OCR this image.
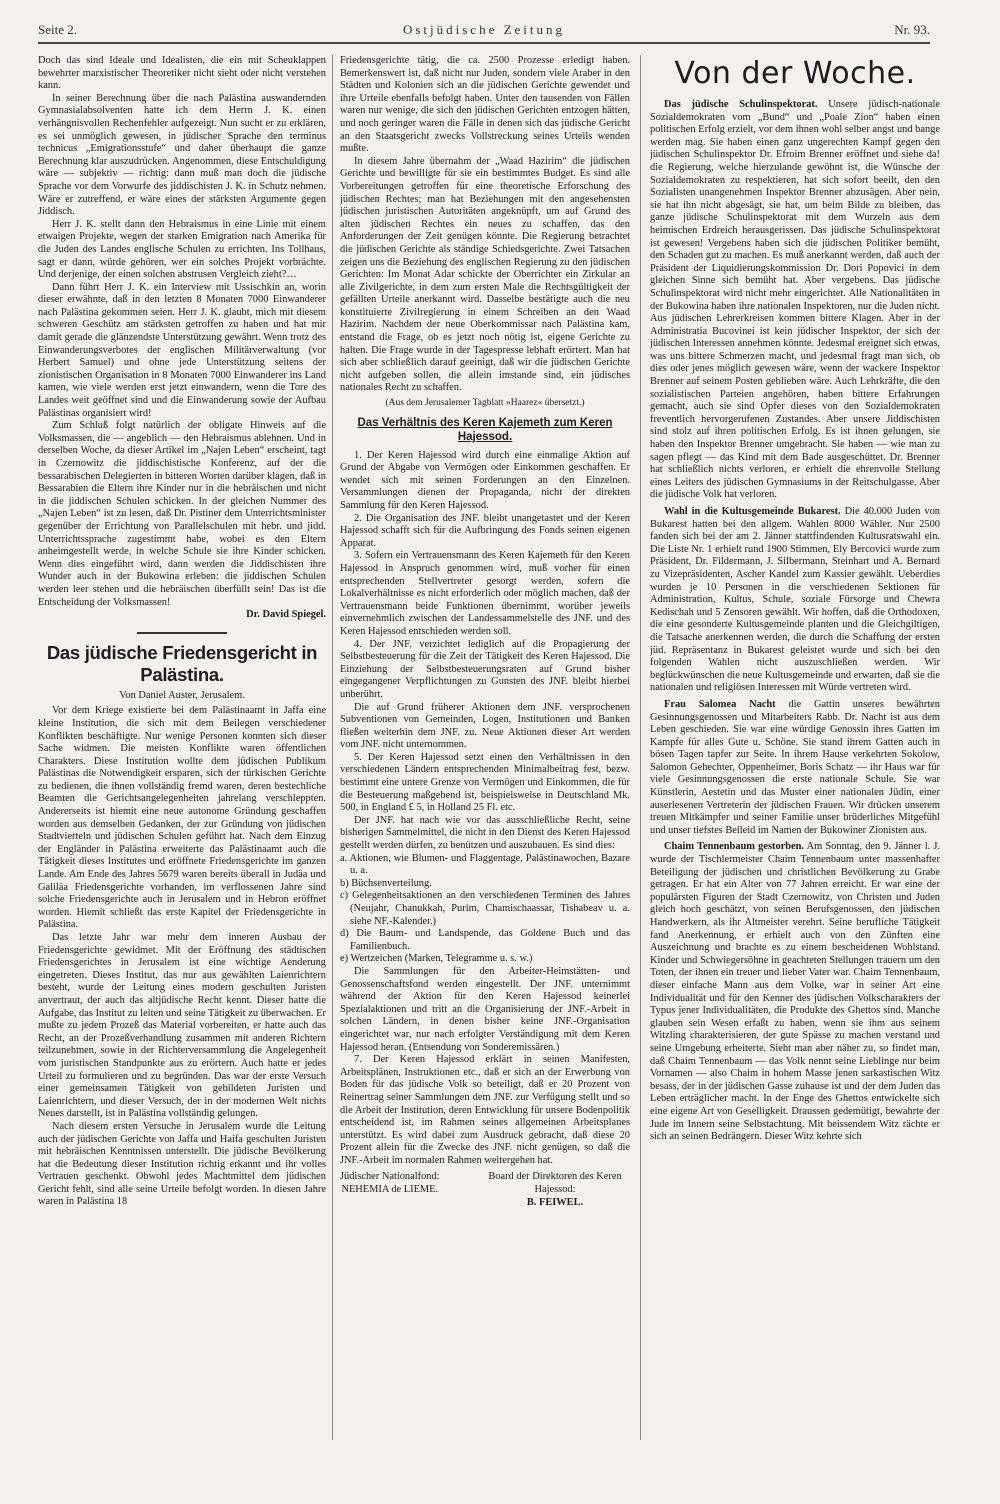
Seite 2.	Ostjüdische Zeitung	Nr. 93.

Doch das sind Ideale und Idealisten, die ein mit Scheuklappen bewehrter marxistischer Theoretiker nicht sieht oder nicht verstehen kann.

In seiner Berechnung über die nach Palästina auswandernden Gymnasialabsolventen hatte ich dem Herrn J. K. einen verhängnisvollen Rechenfehler aufgezeigt. Nun sucht er zu erklären, es sei unmöglich gewesen, in jüdischer Sprache den terminus technicus „Emigrationsstufe“ und daher überhaupt die ganze Berechnung klar auszudrücken. Angenommen, diese Entschuldigung wäre — subjektiv — richtig: dann muß man doch die jüdische Sprache vor dem Vorwurfe des jiddischisten J. K. in Schutz nehmen. Wäre er zutreffend, er wäre eines der stärksten Argumente gegen Jiddisch.

Herr J. K. stellt dann den Hebraismus in eine Linie mit einem etwaigen Projekte, wegen der starken Emigration nach Amerika für die Juden des Landes englische Schulen zu errichten. Ins Tollhaus, sagt er dann, würde gehören, wer ein solches Projekt vorbrächte. Und derjenige, der einen solchen abstrusen Vergleich zieht?…

Dann führt Herr J. K. ein Interview mit Ussischkin an, worin dieser erwähnte, daß in den letzten 8 Monaten 7000 Einwanderer nach Palästina gekommen seien. Herr J. K. glaubt, mich mit diesem schweren Geschütz am stärksten getroffen zu haben und hat mir damit gerade die glänzendste Unterstützung gewährt. Wenn trotz des Einwanderungsverbotes der englischen Militärverwaltung (vor Herbert Samuel) und ohne jede Unterstützung seitens der zionistischen Organisation in 8 Monaten 7000 Einwanderer ins Land kamen, wie viele werden erst jetzt einwandern, wenn die Tore des Landes weit geöffnet sind und die Einwanderung sowie der Aufbau Palästinas organisiert wird!

Zum Schluß folgt natürlich der obligate Hinweis auf die Volksmassen, die — angeblich — den Hebraismus ablehnen. Und in derselben Woche, da dieser Artikel im „Najen Leben“ erscheint, tagt in Czernowitz die jiddischistische Konferenz, auf der die bessarabischen Delegierten in bitteren Worten darüber klagen, daß in Bessarabien die Eltern ihre Kinder nur in die hebräischen und nicht in die jiddischen Schulen schicken. In der gleichen Nummer des „Najen Leben“ ist zu lesen, daß Dr. Pistiner dem Unterrichtsminister gegenüber der Errichtung von Parallelschulen mit hebr. und jidd. Unterrichtssprache zugestimmt habe, wobei es den Eltern anheimgestellt werde, in welche Schule sie ihre Kinder schicken. Wenn dies eingeführt wird, dann werden die Jiddischisten ihre Wunder auch in der Bukowina erleben: die jiddischen Schulen werden leer stehen und die hebräischen überfüllt sein! Das ist die Entscheidung der Volksmassen!

Dr. David Spiegel.
Das jüdische Friedensgericht in Palästina.
Von Daniel Auster, Jerusalem.

Vor dem Kriege existierte bei dem Palästinaamt in Jaffa eine kleine Institution, die sich mit dem Beilegen verschiedener Konflikten beschäftigte. Nur wenige Personen konnten sich dieser Sache widmen. Die meisten Konflikte waren öffentlichen Charakters. Diese Institution wollte dem jüdischen Publikum Palästinas die Notwendigkeit ersparen, sich der türkischen Gerichte zu bedienen, die ihnen vollständig fremd waren, deren bestechliche Beamten die Gerichtsangelegenheiten jahrelang verschleppten. Andererseits ist hiemit eine neue autonome Gründung geschaffen worden aus demselben Gedanken, der zur Gründung von jüdischen Stadtvierteln und jüdischen Schulen geführt hat. Nach dem Einzug der Engländer in Palästina erweiterte das Palästinaamt auch die Tätigkeit dieses Institutes und eröffnete Friedensgerichte im ganzen Lande. Am Ende des Jahres 5679 waren bereits überall in Judäa und Galiläa Friedensgerichte vorhanden, im verflossenen Jahre sind solche Friedensgerichte auch in Jerusalem und in Hebron eröffnet worden. Hiemit schließt das erste Kapitel der Friedensgerichte in Palästina.

Das letzte Jahr war mehr dem inneren Ausbau der Friedensgerichte gewidmet. Mit der Eröffnung des städtischen Friedensgerichtes in Jerusalem ist eine wichtige Aenderung eingetreten. Dieses Institut, das nur aus gewählten Laienrichtern besteht, wurde der Leitung eines modern geschulten Juristen anvertraut, der auch das altjüdische Recht kennt. Dieser hatte die Aufgabe, das Institut zu leiten und seine Tätigkeit zu überwachen. Er mußte zu jedem Prozeß das Material vorbereiten, er hatte auch das Recht, an der Prozeßverhandlung zusammen mit anderen Richtern teilzunehmen, sowie in der Richterversammlung die Angelegenheit vom juristischen Standpunkte aus zu erörtern. Auch hatte er jedes Urteil zu formulieren und zu begründen. Das war der erste Versuch einer gemeinsamen Tätigkeit von gebildeten Juristen und Laienrichtern, und dieser Versuch, der in der modernen Welt nichts Neues darstellt, ist in Palästina vollständig gelungen.

Nach diesem ersten Versuche in Jerusalem wurde die Leitung auch der jüdischen Gerichte von Jaffa und Haifa geschulten Juristen mit hebräischen Kenntnissen unterstellt. Die jüdische Bevölkerung hat die Bedeutung dieser Institution richtig erkannt und ihr volles Vertrauen geschenkt. Obwohl jedes Machtmittel dem jüdischen Gericht fehlt, sind alle seine Urteile befolgt worden. In diesen Jahre waren in Palästina 18

Friedensgerichte tätig, die ca. 2500 Prozesse erledigt haben. Bemerkenswert ist, daß nicht nur Juden, sondern viele Araber in den Städten und Kolonien sich an die jüdischen Gerichte gewendet und ihre Urteile ebenfalls befolgt haben. Unter den tausenden von Fällen waren nur wenige, die sich den jüdischen Gerichten entzogen hätten, und noch geringer waren die Fälle in denen sich das jüdische Gericht an den Staatsgericht zwecks Vollstreckung seines Urteils wenden mußte.

In diesem Jahre übernahm der „Waad Hazirim“ die jüdischen Gerichte und bewilligte für sie ein bestimmtes Budget. Es sind alle Vorbereitungen getroffen für eine theoretische Erforschung des jüdischen Rechtes; man hat Beziehungen mit den angesehensten jüdischen juristischen Autoritäten angeknüpft, um auf Grund des alten jüdischen Rechtes ein neues zu schaffen, das den Anforderungen der Zeit genügen könnte. Die Regierung betrachtet die jüdischen Gerichte als ständige Schiedsgerichte. Zwei Tatsachen zeigen uns die Beziehung des englischen Regierung zu den jüdischen Gerichten: Im Monat Adar schickte der Oberrichter ein Zirkular an alle Zivilgerichte, in dem zum ersten Male die Rechtsgültigkeit der gefällten Urteile anerkannt wird. Dasselbe bestätigte auch die neu konstituierte Zivilregierung in einem Schreiben an den Waad Hazirim. Nachdem der neue Oberkommissar nach Palästina kam, entstand die Frage, ob es jetzt noch nötig ist, eigene Gerichte zu halten. Die Frage wurde in der Tagespresse lebhaft erörtert. Man hat sich aber schließlich darauf geeinigt, daß wir die jüdischen Gerichte nicht aufgeben sollen, die allein imstande sind, ein jüdisches nationales Recht zu schaffen.

(Aus dem Jerusalemer Tagblatt »Haarez« übersetzt.)
Das Verhältnis des Keren Kajemeth zum Keren Hajessod.

1. Der Keren Hajessod wird durch eine einmalige Aktion auf Grund der Abgabe von Vermögen oder Einkommen geschaffen. Er wendet sich mit seinen Forderungen an den Einzelnen. Versammlungen dienen der Propaganda, nicht der direkten Sammlung für den Keren Hajessod.

2. Die Organisation des JNF. bleibt unangetastet und der Keren Hajessod schafft sich für die Aufbringung des Fonds seinen eigenen Apparat.

3. Sofern ein Vertrauensmann des Keren Kajemeth für den Keren Hajessod in Anspruch genommen wird, muß vorher für einen entsprechenden Stellvertreter gesorgt werden, sofern die Lokalverhältnisse es nicht erforderlich oder möglich machen, daß der Vertrauensmann beide Funktionen übernimmt, worüber jeweils einvernehmlich zwischen der Landessammelstelle des JNF. und des Keren Hajessod entschieden werden soll.

4. Der JNF. verzichtet lediglich auf die Propagierung der Selbstbesteuerung für die Zeit der Tätigkeit des Keren Hajessod. Die Einziehung der Selbstbesteuerungsraten auf Grund bisher eingegangener Verpflichtungen zu Gunsten des JNF. bleibt hierbei unberührt.

Die auf Grund früherer Aktionen dem JNF. versprochenen Subventionen von Gemeinden, Logen, Institutionen und Banken fließen weiterhin dem JNF. zu. Neue Aktionen dieser Art werden vom JNF. nicht unternommen.

5. Der Keren Hajessod setzt einen den Verhältnissen in den verschiedenen Ländern entsprechenden Minimalbeitrag fest, bezw. bestimmt eine untere Grenze von Vermögen und Einkommen, die für die Besteuerung maßgebend ist, beispielsweise in Deutschland Mk. 500, in England £ 5, in Holland 25 Fl. etc.

Der JNF. hat nach wie vor das ausschließliche Recht, seine bisherigen Sammelmittel, die nicht in den Dienst des Keren Hajessod gestellt werden dürfen, zu benützen und auszubauen. Es sind dies:

a. Aktionen, wie Blumen- und Flaggentage, Palästinawochen, Bazare u. a.
b) Büchsenverteilung.
c) Gelegenheitsaktionen an den verschiedenen Terminen des Jahres (Neujahr, Chanukkah, Purim, Chamischaassar, Tishabeav u. a. siehe NF.-Kalender.)
d) Die Baum- und Landspende, das Goldene Buch und das Familienbuch.
e) Wertzeichen (Marken, Telegramme u. s. w.)

Die Sammlungen für den Arbeiter-Heimstätten- und Genossenschaftsfond werden eingestellt. Der JNF. unternimmt während der Aktion für den Keren Hajessod keinerlei Spezialaktionen und tritt an die Organisierung der JNF.-Arbeit in solchen Ländern, in denen bisher keine JNF.-Organisation eingerichtet war, nur nach erfolgter Verständigung mit dem Keren Hajessod heran. (Entsendung von Sonderemissären.)

7. Der Keren Hajessod erklärt in seinen Manifesten, Arbeitsplänen, Instruktionen etc., daß er sich an der Erwerbung von Boden für das jüdische Volk so beteiligt, daß er 20 Prozent von Reinertrag seiner Sammlungen dem JNF. zur Verfügung stellt und so die Arbeit der Institution, deren Entwicklung für unsere Bodenpolitik entscheidend ist, im Rahmen seines allgemeinen Arbeitsplanes unterstützt. Es wird dabei zum Ausdruck gebracht, daß diese 20 Prozent allein für die Zwecke des JNF. nicht genügen, so daß die JNF.-Arbeit im normalen Rahmen weitergehen hat.

Jüdischer Nationalfond:
NEHEMIA de LIEME.
Board der Direktoren des Keren Hajessod:
B. FEIWEL.
Von der Woche.

Das jüdische Schulinspektorat. Unsere jüdisch-nationale Sozialdemokraten vom „Bund“ und „Poale Zion“ haben einen politischen Erfolg erzielt, vor dem ihnen wohl selber angst und bange werden mag. Sie haben einen ganz ungerechten Kampf gegen den jüdischen Schulinspektor Dr. Efroim Brenner eröffnet und siehe da! die Regierung, welche hierzulande gewöhnt ist, die Wünsche der Sozialdemokraten zu respektieren, hat sich sofort beeilt, den den Sozialisten unangenehmen Inspektor Brenner abzusägen. Aber nein, sie hat ihn nicht abgesägt, sie hat, um beim Bilde zu bleiben, das ganze jüdische Schulinspektorat mit dem Wurzeln aus dem heimischen Erdreich herausgerissen. Das jüdische Schulinspektorat ist gewesen! Vergebens haben sich die jüdischen Politiker bemüht, den Schaden gut zu machen. Es muß anerkannt werden, daß auch der Präsident der Liquidierungskommission Dr. Dori Popovici in dem gleichen Sinne sich bemüht hat. Aber vergebens. Das jüdische Schulinspektorat wird nicht mehr eingerichtet. Alle Nationalitäten in der Bukowina haben ihre nationalen Inspektoren, nur die Juden nicht. Aus jüdischen Lehrerkreisen kommen bittere Klagen. Aber in der Administratia Bucovinei ist kein jüdischer Inspektor, der sich der jüdischen Interessen annehmen könnte. Jedesmal ereignet sich etwas, was uns bittere Schmerzen macht, und jedesmal fragt man sich, ob dies oder jenes möglich gewesen wäre, wenn der wackere Inspektor Brenner auf seinem Posten geblieben wäre. Auch Lehrkräfte, die den sozialistischen Parteien angehören, haben bittere Erfahrungen gemacht, auch sie sind Opfer dieses von den Sozialdemokraten freventlich hervorgerufenen Zustandes. Aber unsere Jiddischisten sind stolz auf ihren politischen Erfolg. Es ist ihnen gelungen, sie haben den Inspektor Brenner umgebracht. Sie haben — wie man zu sagen pflegt — das Kind mit dem Bade ausgeschüttet. Dr. Brenner hat schließlich nichts verloren, er erhielt die ehrenvolle Stellung eines Leiters des jüdischen Gymnasiums in der Reitschulgasse. Aber die jüdische Volk hat verloren.

Wahl in die Kultusgemeinde Bukarest. Die 40.000 Juden von Bukarest hatten bei den allgem. Wahlen 8000 Wähler. Nur 2500 fanden sich bei der am 2. Jänner stattfindenden Kultusratswahl ein. Die Liste Nr. 1 erhielt rund 1900 Stimmen, Ely Bercovici wurde zum Präsident, Dr. Fildermann, J. Silbermann, Steinhart und A. Bernard zu Vizepräsidenten, Ascher Kandel zum Kassier gewählt. Ueberdies wurden je 10 Personen in die verschiedenen Sektionen für Administration, Kultus, Schule, soziale Fürsorge und Chewra Kedischah und 5 Zensoren gewählt. Wir hoffen, daß die Orthodoxen, die eine gesonderte Kultusgemeinde planten und die Gleichgiltigen, die Tatsache anerkennen werden, die durch die Schaffung der ersten jüd. Repräsentanz in Bukarest geleistet wurde und sich bei den folgenden Wahlen nicht auszuschließen werden. Wir beglückwünschen die neue Kultusgemeinde und erwarten, daß sie die nationalen und religiösen Interessen mit Würde vertreten wird.

Frau Salomea Nacht die Gattin unseres bewährten Gesinnungsgenossen und Mitarbeiters Rabb. Dr. Nacht ist aus dem Leben geschieden. Sie war eine würdige Genossin ihres Gatten im Kampfe für alles Gute u. Schöne. Sie stand ihrem Gatten auch in bösen Tagen tapfer zur Seite. In ihrem Hause verkehrten Sokolow, Salomon Gehechter, Oppenheimer, Boris Schatz — ihr Haus war für viele Gesinnungsgenossen die erste nationale Schule. Sie war Künstlerin, Aestetin und das Muster einer nationalen Jüdin, einer auserlesenen Vertreterin der jüdischen Frauen. Wir drücken unserem treuen Mitkämpfer und seiner Familie unser brüderliches Mitgefühl und unser tiefstes Beileid im Namen der Bukowiner Zionisten aus.

Chaim Tennenbaum gestorben. Am Sonntag, den 9. Jänner l. J. wurde der Tischlermeister Chaim Tennenbaum unter massenhafter Beteiligung der jüdischen und christlichen Bevölkerung zu Grabe getragen. Er hat ein Alter von 77 Jahren erreicht. Er war eine der populärsten Figuren der Stadt Czernowitz, von Christen und Juden gleich hoch geschätzt, von seinen Berufsgenossen, den jüdischen Handwerkern, als ihr Altmeister verehrt. Seine berufliche Tätigkeit fand Anerkennung, er erhielt auch von den Zünften eine Auszeichnung und brachte es zu einem bescheidenen Wohlstand. Kinder und Schwiegersöhne in geachteten Stellungen trauern um den Toten, der ihnen ein treuer und lieber Vater war. Chaim Tennenbaum, dieser einfache Mann aus dem Volke, war in seiner Art eine Individualität und für den Kenner des jüdischen Volkscharakters der Typus jener Individualitäten, die Produkte des Ghettos sind. Manche glauben sein Wesen erfaßt zu haben, wenn sie ihm aus seinem Witzling charakterisieren, der gute Spässe zu machen verstand und seine Umgebung erheiterte. Sieht man aber näher zu, so findet man, daß Chaim Tennenbaum — das Volk nennt seine Lieblinge nur beim Vornamen — also Chaim in hohem Masse jenen sarkastischen Witz besass, der in der jüdischen Gasse zuhause ist und der dem Juden das Leben erträglicher macht. In der Enge des Ghettos entwickelte sich eine eigene Art von Geselligkeit. Draussen gedemütigt, bewahrte der Jude im Innern seine Selbstachtung. Mit beissendem Witz rächte er sich an seinen Bedrängern. Dieser Witz kehrte sich
